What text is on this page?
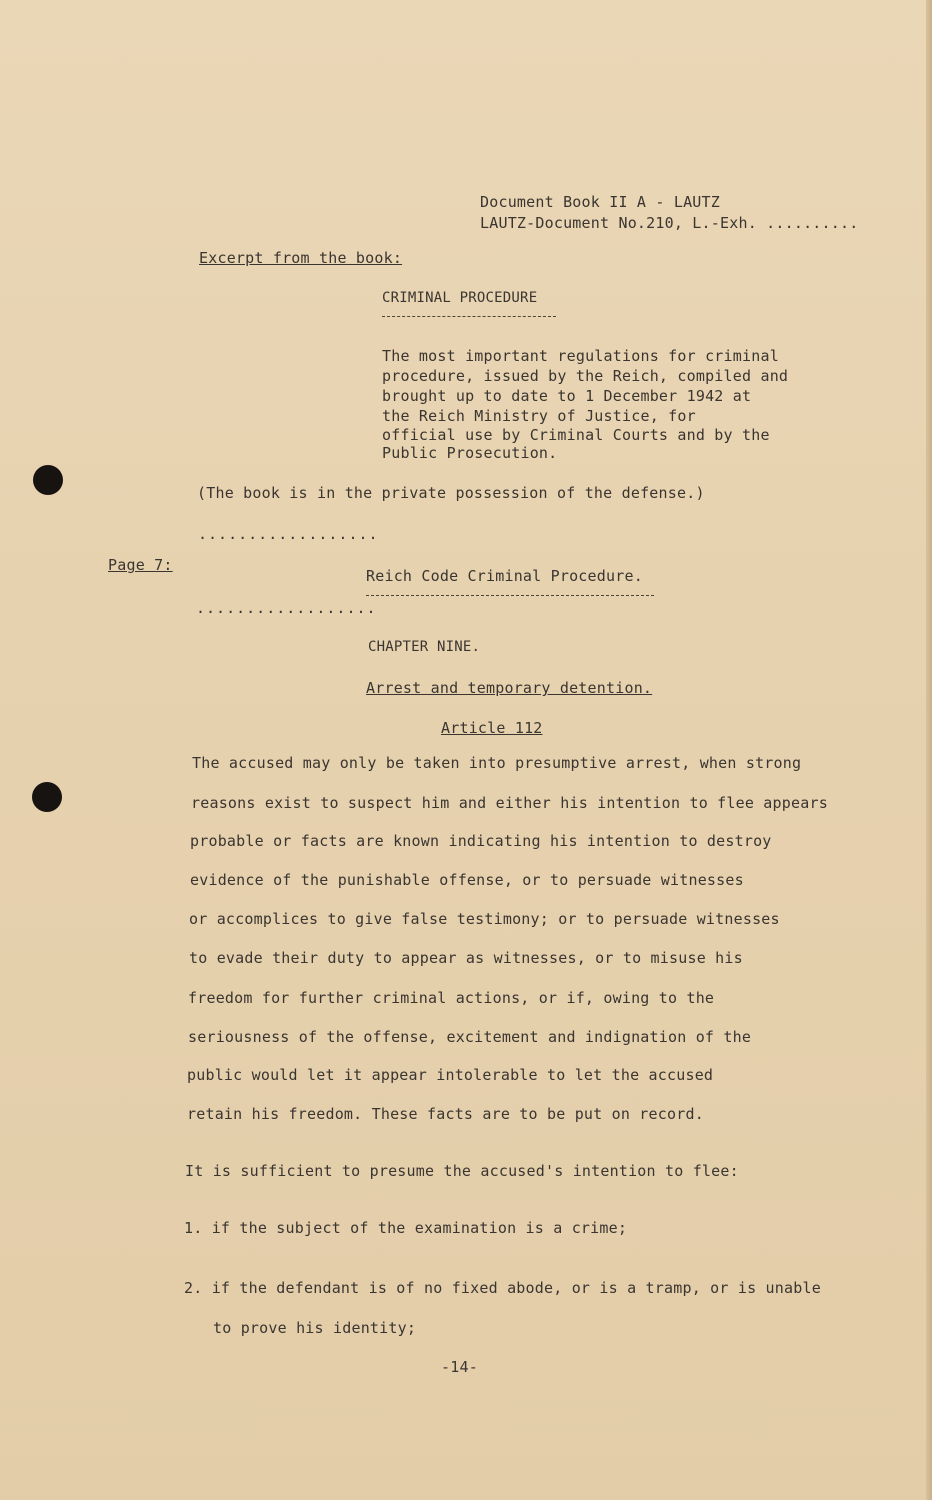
Document Book II A - LAUTZ
LAUTZ-Document No.210, L.-Exh. ..........
Excerpt from the book:
CRIMINAL PROCEDURE
The most important regulations for criminal
procedure, issued by the Reich, compiled and
brought up to date to 1 December 1942 at
the Reich Ministry of Justice, for
official use by Criminal Courts and by the
Public Prosecution.
(The book is in the private possession of the defense.)
..................
Page 7:
Reich Code Criminal Procedure.
..................
CHAPTER NINE.
Arrest and temporary detention.
Article 112
The accused may only be taken into presumptive arrest, when strong
reasons exist to suspect him and either his intention to flee appears
probable or facts are known indicating his intention to destroy
evidence of the punishable offense, or to persuade witnesses
or accomplices to give false testimony; or to persuade witnesses
to evade their duty to appear as witnesses, or to misuse his
freedom for further criminal actions, or if, owing to the
seriousness of the offense, excitement and indignation of the
public would let it appear intolerable to let the accused
retain his freedom. These facts are to be put on record.
It is sufficient to presume the accused's intention to flee:
1. if the subject of the examination is a crime;
2. if the defendant is of no fixed abode, or is a tramp, or is unable
to prove his identity;
-14-
